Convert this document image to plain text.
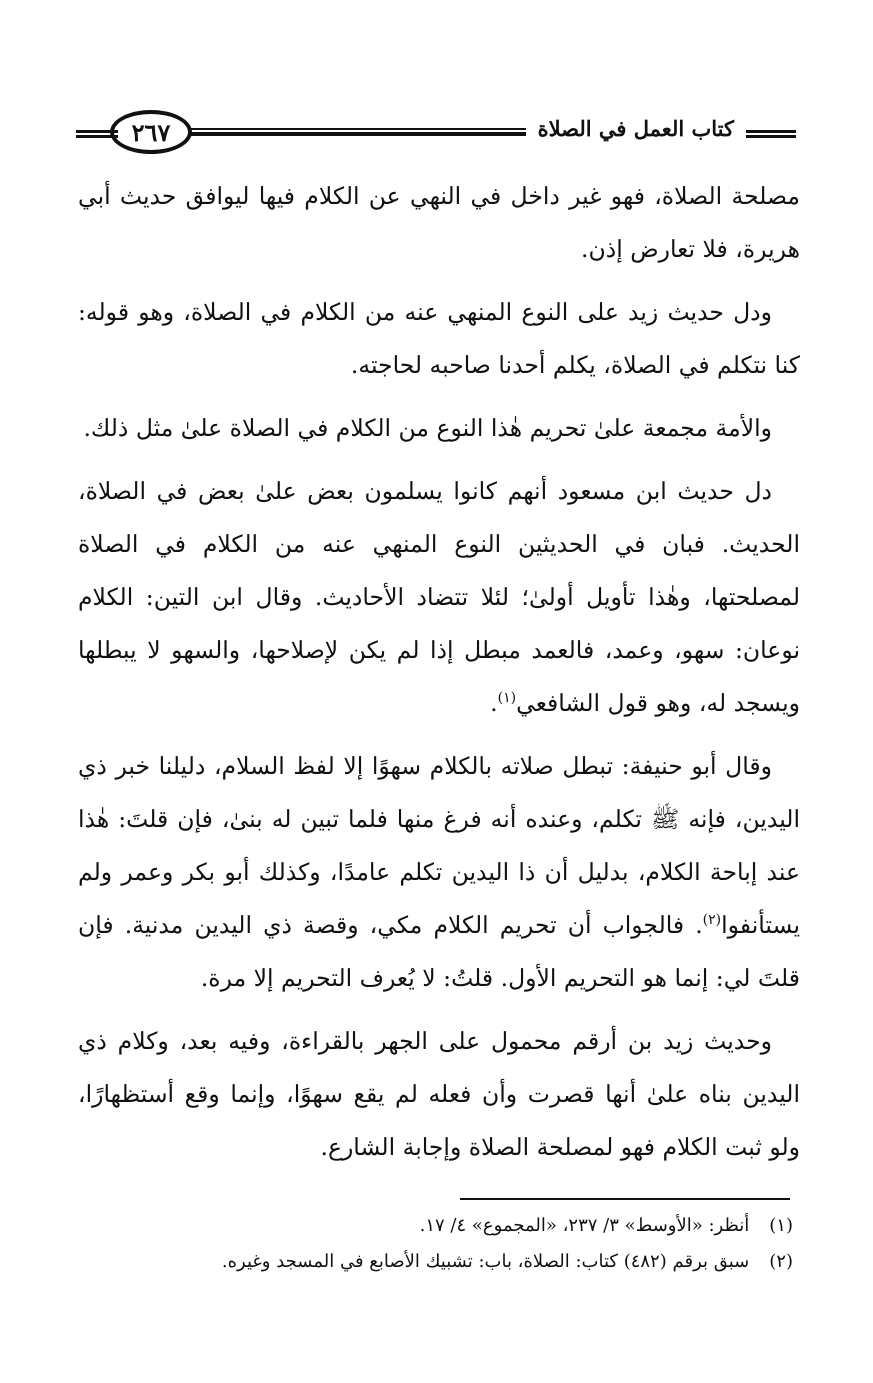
كتاب العمل في الصلاة
٢٦٧

مصلحة الصلاة، فهو غير داخل في النهي عن الكلام فيها ليوافق حديث أبي هريرة، فلا تعارض إذن.

ودل حديث زيد على النوع المنهي عنه من الكلام في الصلاة، وهو قوله: كنا نتكلم في الصلاة، يكلم أحدنا صاحبه لحاجته.

والأمة مجمعة علىٰ تحريم هٰذا النوع من الكلام في الصلاة علىٰ مثل ذلك.

دل حديث ابن مسعود أنهم كانوا يسلمون بعض علىٰ بعض في الصلاة، الحديث. فبان في الحديثين النوع المنهي عنه من الكلام في الصلاة لمصلحتها، وهٰذا تأويل أولىٰ؛ لئلا تتضاد الأحاديث. وقال ابن التين: الكلام نوعان: سهو، وعمد، فالعمد مبطل إذا لم يكن لإصلاحها، والسهو لا يبطلها ويسجد له، وهو قول الشافعي$^{(١)}$.

وقال أبو حنيفة: تبطل صلاته بالكلام سهوًا إلا لفظ السلام، دليلنا خبر ذي اليدين، فإنه ﷺ تكلم، وعنده أنه فرغ منها فلما تبين له بنىٰ، فإن قلتَ: هٰذا عند إباحة الكلام، بدليل أن ذا اليدين تكلم عامدًا، وكذلك أبو بكر وعمر ولم يستأنفوا$^{(٢)}$. فالجواب أن تحريم الكلام مكي، وقصة ذي اليدين مدنية. فإن قلتَ لي: إنما هو التحريم الأول. قلتُ: لا يُعرف التحريم إلا مرة.

وحديث زيد بن أرقم محمول على الجهر بالقراءة، وفيه بعد، وكلام ذي اليدين بناه علىٰ أنها قصرت وأن فعله لم يقع سهوًا، وإنما وقع أستظهارًا، ولو ثبت الكلام فهو لمصلحة الصلاة وإجابة الشارع.

(١) أنظر: «الأوسط» ٣/ ٢٣٧، «المجموع» ٤/ ١٧.
(٢) سبق برقم (٤٨٢) كتاب: الصلاة، باب: تشبيك الأصابع في المسجد وغيره.
